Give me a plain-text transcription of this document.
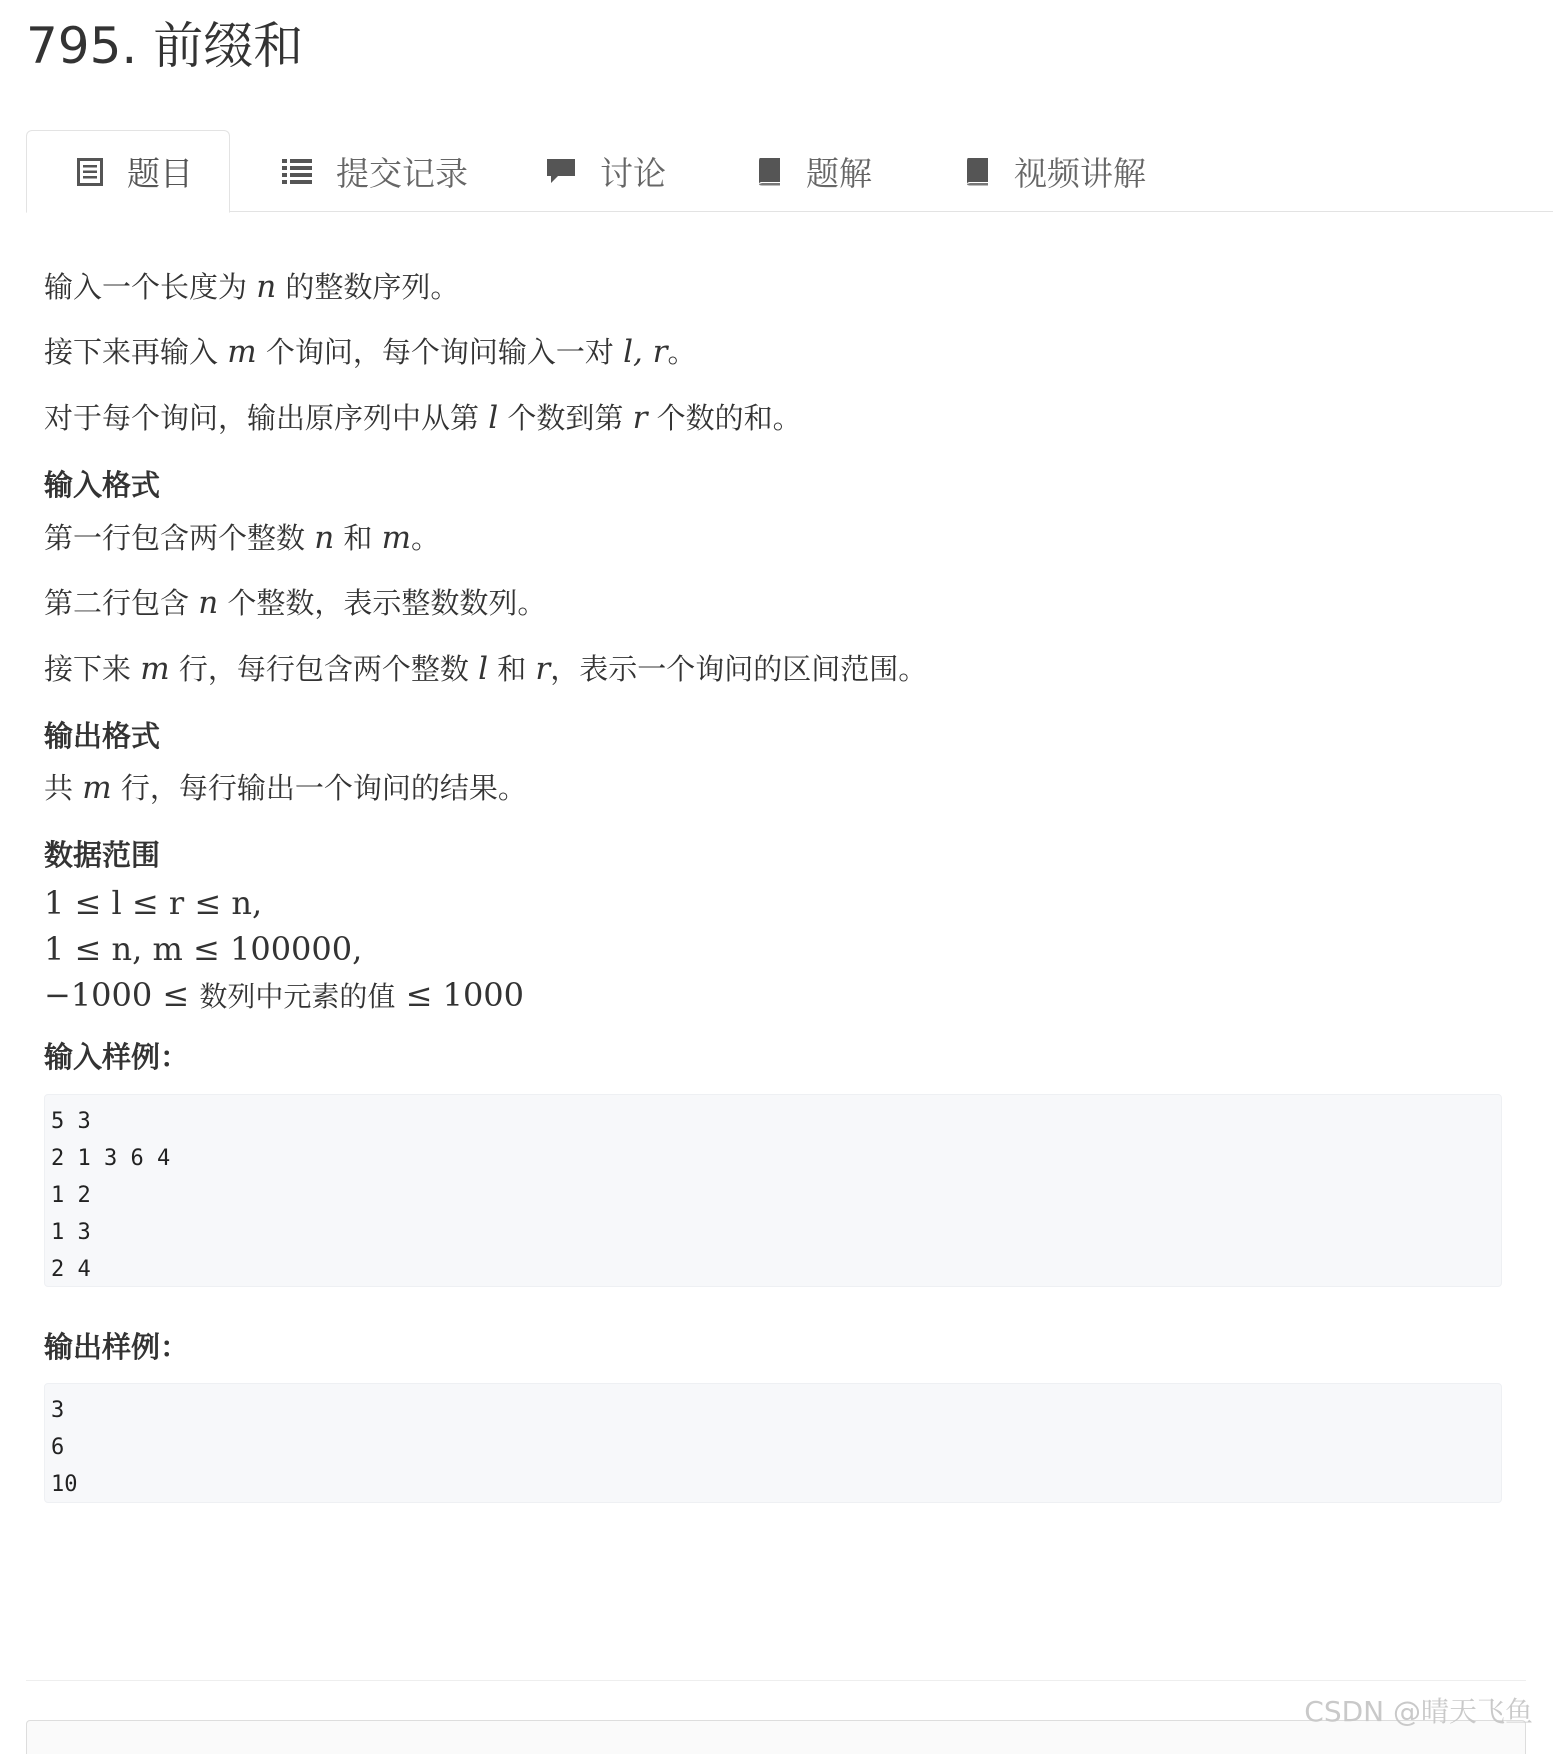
795. 前缀和
题目	提交记录	讨论	题解	视频讲解
输入一个长度为 n 的整数序列。
接下来再输入 m 个询问，每个询问输入一对 l, r。
对于每个询问，输出原序列中从第 l 个数到第 r 个数的和。
输入格式
第一行包含两个整数 n 和 m。
第二行包含 n 个整数，表示整数数列。
接下来 m 行，每行包含两个整数 l 和 r，表示一个询问的区间范围。
输出格式
共 m 行，每行输出一个询问的结果。
数据范围
1 ≤ l ≤ r ≤ n,
1 ≤ n, m ≤ 100000,
−1000 ≤ 数列中元素的值 ≤ 1000
输入样例：
5 3
2 1 3 6 4
1 2
1 3
2 4
输出样例：
3
6
10
CSDN @晴天飞鱼
